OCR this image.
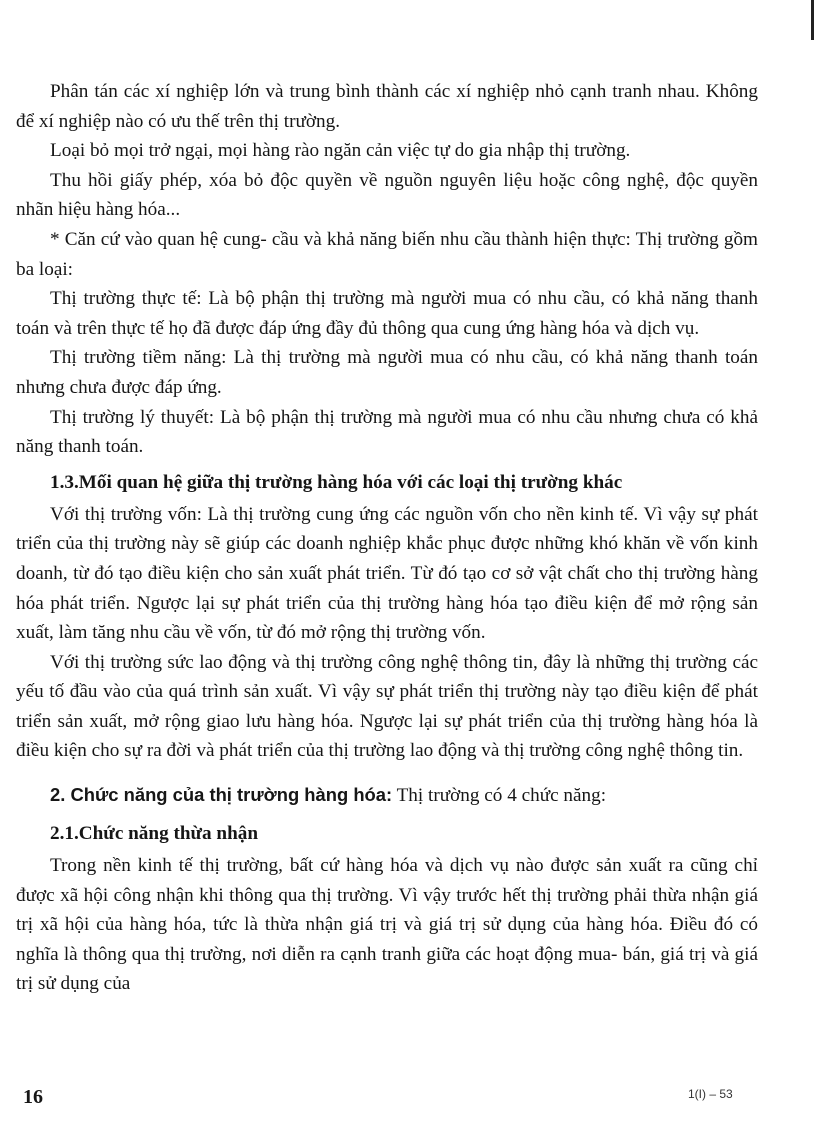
Phân tán các xí nghiệp lớn và trung bình thành các xí nghiệp nhỏ cạnh tranh nhau. Không để xí nghiệp nào có ưu thế trên thị trường.

Loại bỏ mọi trở ngại, mọi hàng rào ngăn cản việc tự do gia nhập thị trường.

Thu hồi giấy phép, xóa bỏ độc quyền về nguồn nguyên liệu hoặc công nghệ, độc quyền nhãn hiệu hàng hóa...

* Căn cứ vào quan hệ cung- cầu và khả năng biến nhu cầu thành hiện thực: Thị trường gồm ba loại:

Thị trường thực tế: Là bộ phận thị trường mà người mua có nhu cầu, có khả năng thanh toán và trên thực tế họ đã được đáp ứng đầy đủ thông qua cung ứng hàng hóa và dịch vụ.

Thị trường tiềm năng: Là thị trường mà người mua có nhu cầu, có khả năng thanh toán nhưng chưa được đáp ứng.

Thị trường lý thuyết: Là bộ phận thị trường mà người mua có nhu cầu nhưng chưa có khả năng thanh toán.

1.3.Mối quan hệ giữa thị trường hàng hóa với các loại thị trường khác

Với thị trường vốn: Là thị trường cung ứng các nguồn vốn cho nền kinh tế. Vì vậy sự phát triển của thị trường này sẽ giúp các doanh nghiệp khắc phục được những khó khăn về vốn kinh doanh, từ đó tạo điều kiện cho sản xuất phát triển. Từ đó tạo cơ sở vật chất cho thị trường hàng hóa phát triển. Ngược lại sự phát triển của thị trường hàng hóa tạo điều kiện để mở rộng sản xuất, làm tăng nhu cầu về vốn, từ đó mở rộng thị trường vốn.

Với thị trường sức lao động và thị trường công nghệ thông tin, đây là những thị trường các yếu tố đầu vào của quá trình sản xuất. Vì vậy sự phát triển thị trường này tạo điều kiện để phát triển sản xuất, mở rộng giao lưu hàng hóa. Ngược lại sự phát triển của thị trường hàng hóa là điều kiện cho sự ra đời và phát triển của thị trường lao động và thị trường công nghệ thông tin.

2. Chức năng của thị trường hàng hóa: Thị trường có 4 chức năng:
2.1.Chức năng thừa nhận

Trong nền kinh tế thị trường, bất cứ hàng hóa và dịch vụ nào được sản xuất ra cũng chỉ được xã hội công nhận khi thông qua thị trường. Vì vậy trước hết thị trường phải thừa nhận giá trị xã hội của hàng hóa, tức là thừa nhận giá trị và giá trị sử dụng của hàng hóa. Điều đó có nghĩa là thông qua thị trường, nơi diễn ra cạnh tranh giữa các hoạt động mua- bán, giá trị và giá trị sử dụng của

16	1(I) – 53
